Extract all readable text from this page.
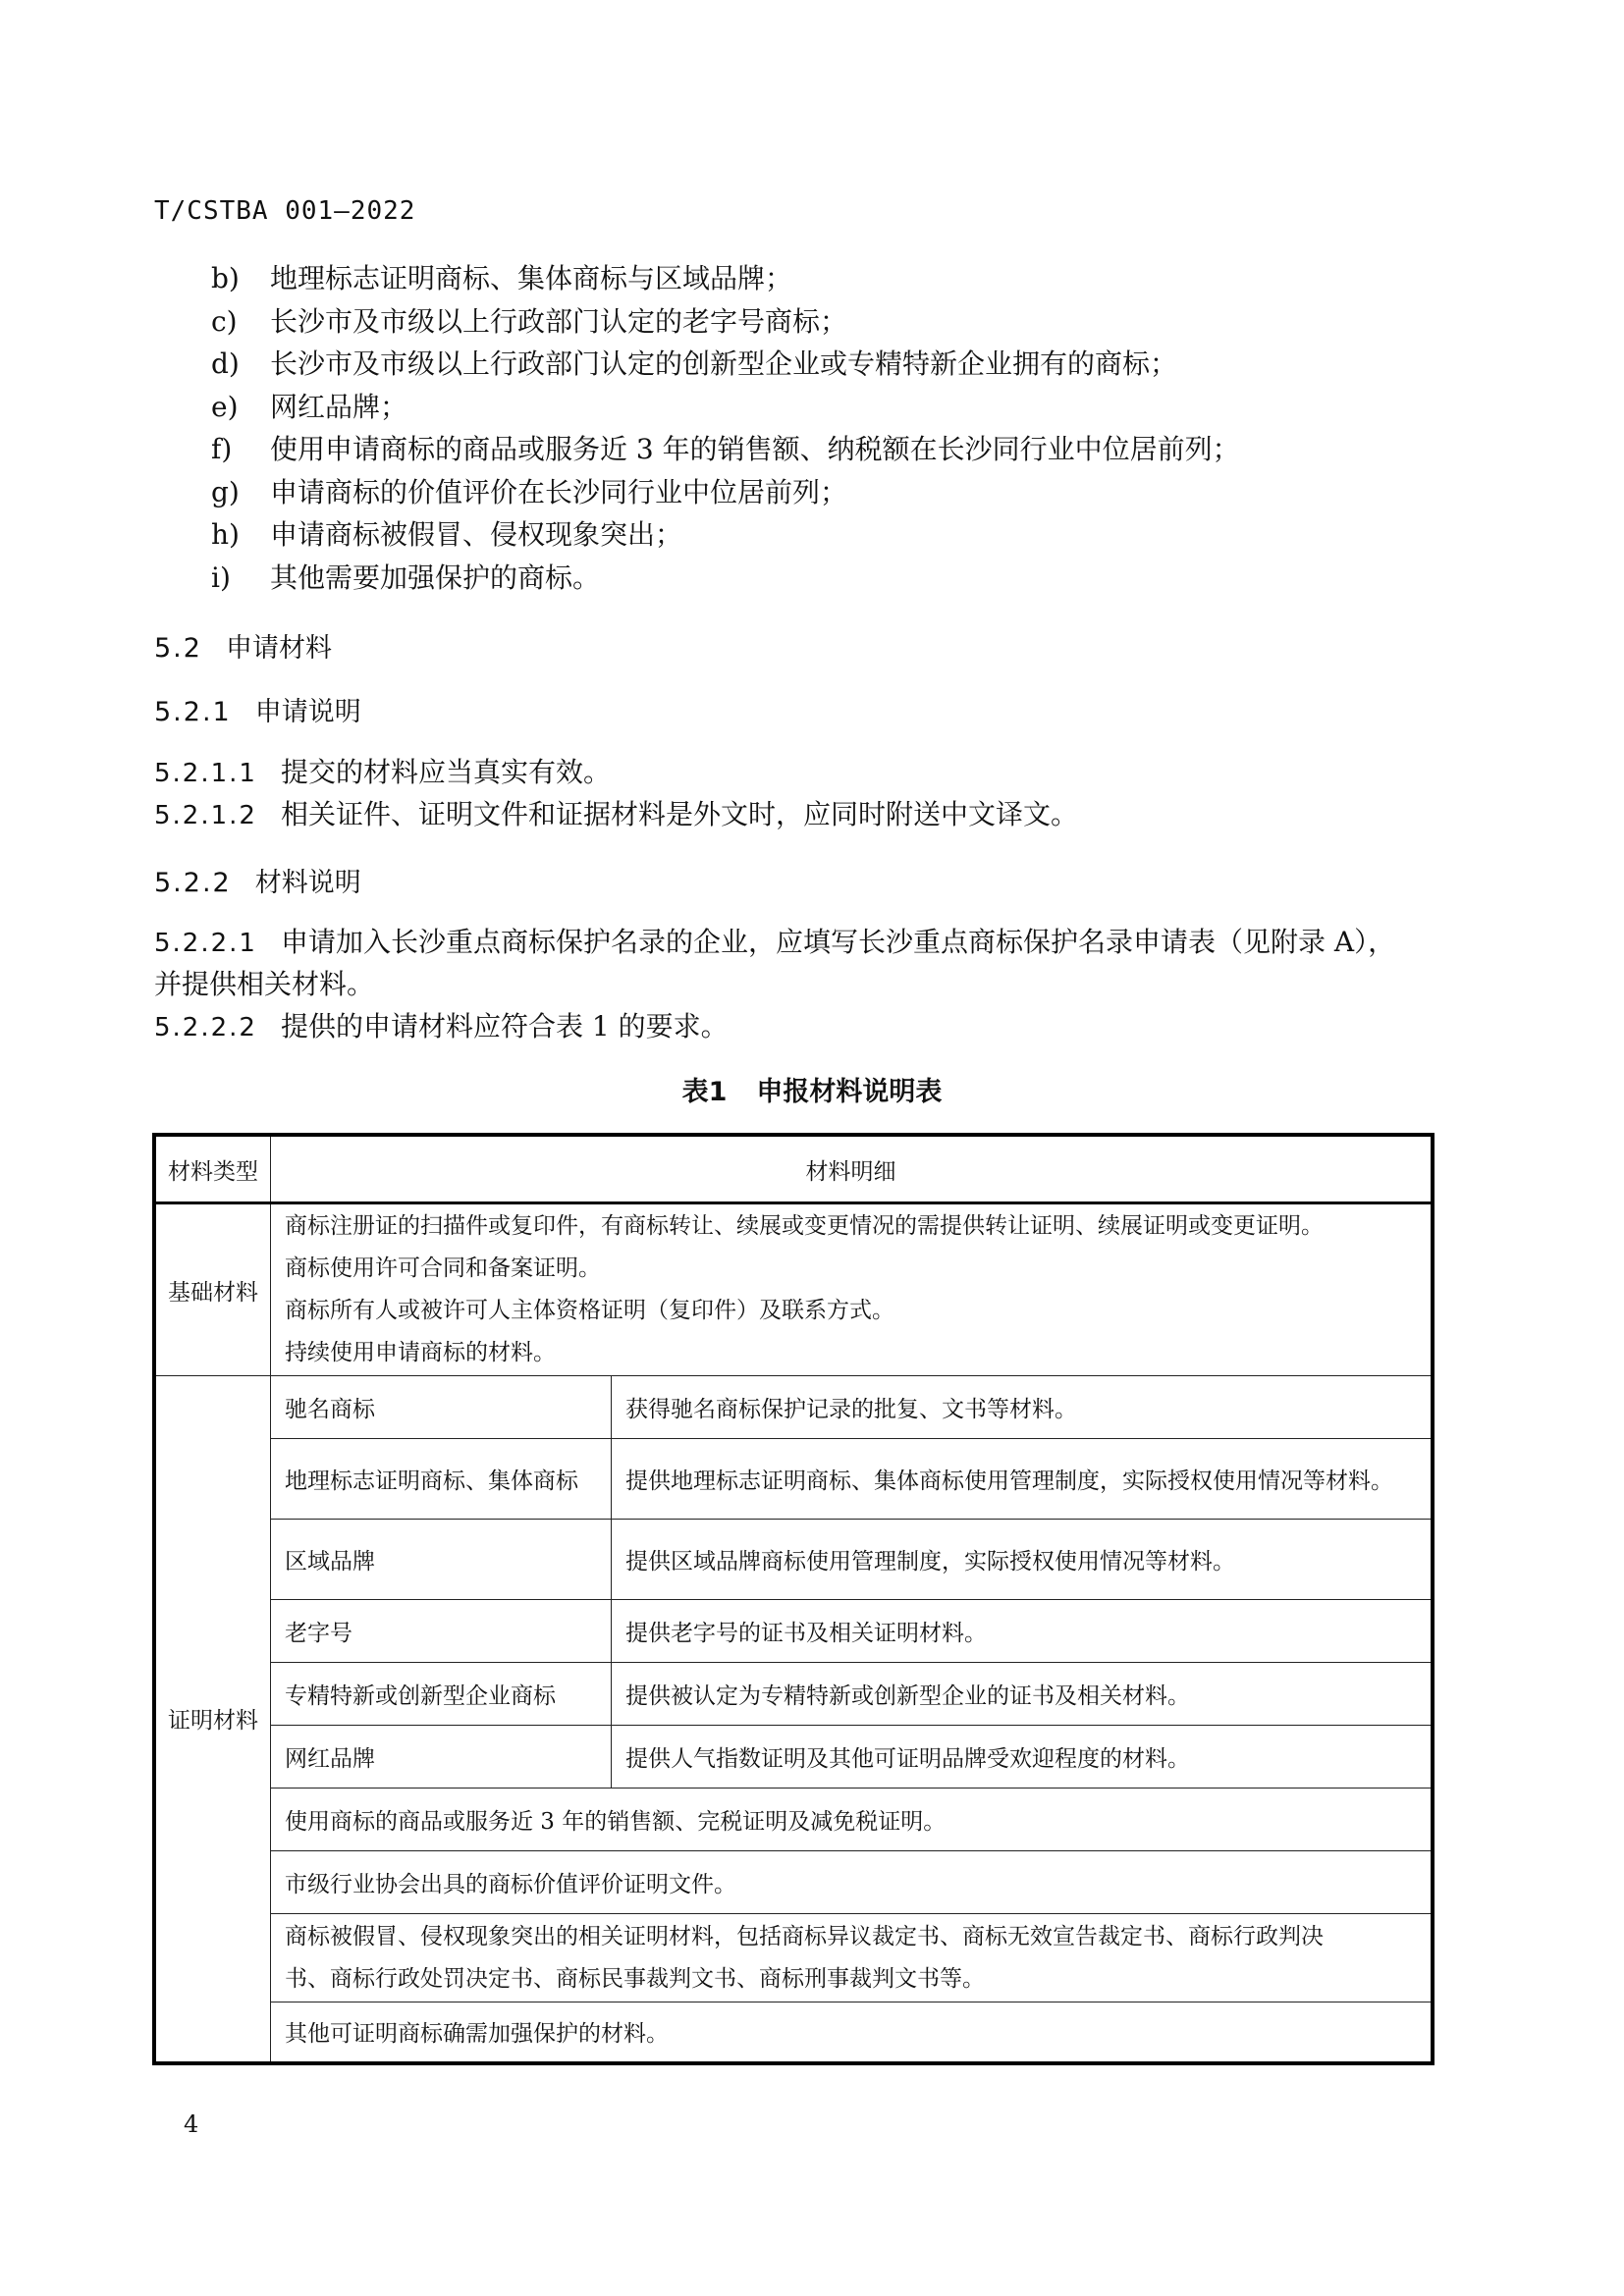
T/CSTBA 001—2022
b) 地理标志证明商标、集体商标与区域品牌；
c) 长沙市及市级以上行政部门认定的老字号商标；
d) 长沙市及市级以上行政部门认定的创新型企业或专精特新企业拥有的商标；
e) 网红品牌；
f) 使用申请商标的商品或服务近 3 年的销售额、纳税额在长沙同行业中位居前列；
g) 申请商标的价值评价在长沙同行业中位居前列；
h) 申请商标被假冒、侵权现象突出；
i) 其他需要加强保护的商标。
5.2 申请材料
5.2.1 申请说明
5.2.1.1 提交的材料应当真实有效。
5.2.1.2 相关证件、证明文件和证据材料是外文时，应同时附送中文译文。
5.2.2 材料说明
5.2.2.1 申请加入长沙重点商标保护名录的企业，应填写长沙重点商标保护名录申请表（见附录 A），
并提供相关材料。
5.2.2.2 提供的申请材料应符合表 1 的要求。
表1 申报材料说明表
材料类型	材料明细	
基础材料	商标注册证的扫描件或复印件，有商标转让、续展或变更情况的需提供转让证明、续展证明或变更证明。
商标使用许可合同和备案证明。
商标所有人或被许可人主体资格证明（复印件）及联系方式。
持续使用申请商标的材料。	

证明材料	驰名商标	获得驰名商标保护记录的批复、文书等材料。
	地理标志证明商标、集体商标	提供地理标志证明商标、集体商标使用管理制度，实际授权使用情况等材料。
	区域品牌	提供区域品牌商标使用管理制度，实际授权使用情况等材料。
	老字号	提供老字号的证书及相关证明材料。
	专精特新或创新型企业商标	提供被认定为专精特新或创新型企业的证书及相关材料。
	网红品牌	提供人气指数证明及其他可证明品牌受欢迎程度的材料。
	使用商标的商品或服务近 3 年的销售额、完税证明及减免税证明。	
	市级行业协会出具的商标价值评价证明文件。	

	商标被假冒、侵权现象突出的相关证明材料，包括商标异议裁定书、商标无效宣告裁定书、商标行政判决
书、商标行政处罚决定书、商标民事裁判文书、商标刑事裁判文书等。	

	其他可证明商标确需加强保护的材料。	
4
